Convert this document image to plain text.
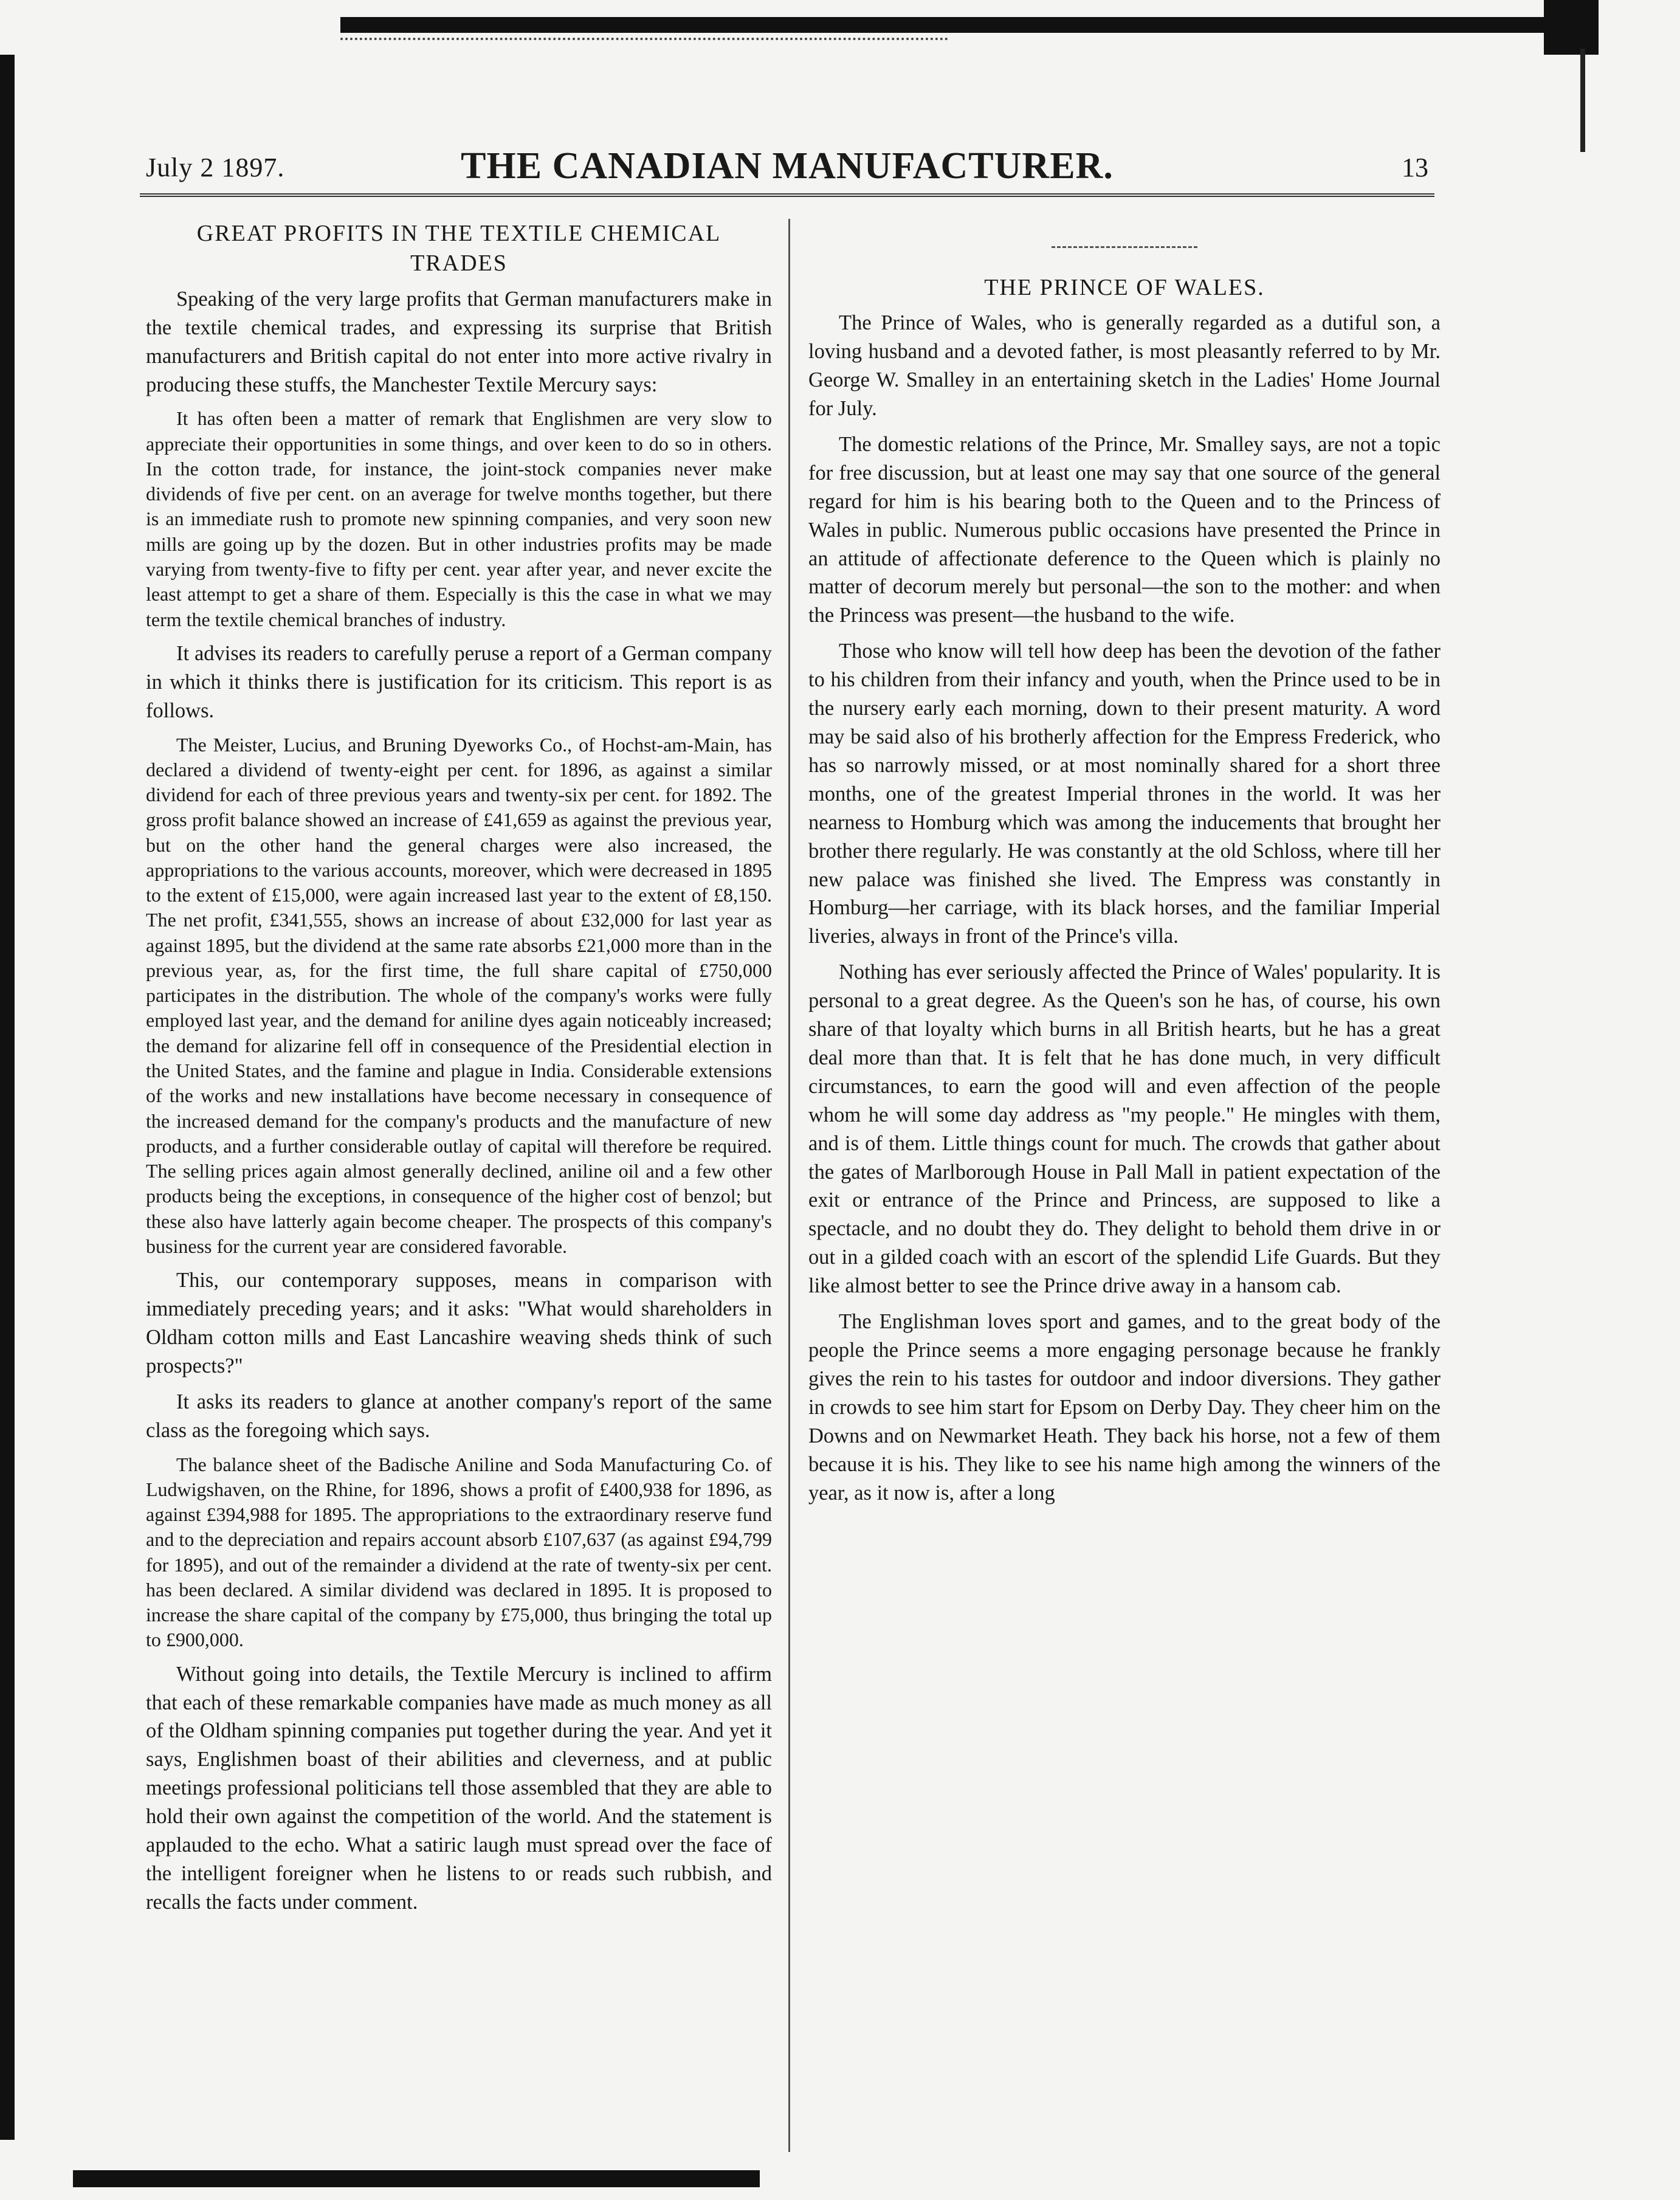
July 2 1897.	THE CANADIAN MANUFACTURER.	13
GREAT PROFITS IN THE TEXTILE CHEMICAL TRADES

Speaking of the very large profits that German manufacturers make in the textile chemical trades, and expressing its surprise that British manufacturers and British capital do not enter into more active rivalry in producing these stuffs, the Manchester Textile Mercury says:

It has often been a matter of remark that Englishmen are very slow to appreciate their opportunities in some things, and over keen to do so in others. In the cotton trade, for instance, the joint-stock companies never make dividends of five per cent. on an average for twelve months together, but there is an immediate rush to promote new spinning companies, and very soon new mills are going up by the dozen. But in other industries profits may be made varying from twenty-five to fifty per cent. year after year, and never excite the least attempt to get a share of them. Especially is this the case in what we may term the textile chemical branches of industry.

It advises its readers to carefully peruse a report of a German company in which it thinks there is justification for its criticism. This report is as follows.

The Meister, Lucius, and Bruning Dyeworks Co., of Hochst-am-Main, has declared a dividend of twenty-eight per cent. for 1896, as against a similar dividend for each of three previous years and twenty-six per cent. for 1892. The gross profit balance showed an increase of £41,659 as against the previous year, but on the other hand the general charges were also increased, the appropriations to the various accounts, moreover, which were decreased in 1895 to the extent of £15,000, were again increased last year to the extent of £8,150. The net profit, £341,555, shows an increase of about £32,000 for last year as against 1895, but the dividend at the same rate absorbs £21,000 more than in the previous year, as, for the first time, the full share capital of £750,000 participates in the distribution. The whole of the company's works were fully employed last year, and the demand for aniline dyes again noticeably increased; the demand for alizarine fell off in consequence of the Presidential election in the United States, and the famine and plague in India. Considerable extensions of the works and new installations have become necessary in consequence of the increased demand for the company's products and the manufacture of new products, and a further considerable outlay of capital will therefore be required. The selling prices again almost generally declined, aniline oil and a few other products being the exceptions, in consequence of the higher cost of benzol; but these also have latterly again become cheaper. The prospects of this company's business for the current year are considered favorable.

This, our contemporary supposes, means in comparison with immediately preceding years; and it asks: "What would shareholders in Oldham cotton mills and East Lancashire weaving sheds think of such prospects?"

It asks its readers to glance at another company's report of the same class as the foregoing which says.

The balance sheet of the Badische Aniline and Soda Manufacturing Co. of Ludwigshaven, on the Rhine, for 1896, shows a profit of £400,938 for 1896, as against £394,988 for 1895. The appropriations to the extraordinary reserve fund and to the depreciation and repairs account absorb £107,637 (as against £94,799 for 1895), and out of the remainder a dividend at the rate of twenty-six per cent. has been declared. A similar dividend was declared in 1895. It is proposed to increase the share capital of the company by £75,000, thus bringing the total up to £900,000.

Without going into details, the Textile Mercury is inclined to affirm that each of these remarkable companies have made as much money as all of the Oldham spinning companies put together during the year. And yet it says, Englishmen boast of their abilities and cleverness, and at public meetings professional politicians tell those assembled that they are able to hold their own against the competition of the world. And the statement is applauded to the echo. What a satiric laugh must spread over the face of the intelligent foreigner when he listens to or reads such rubbish, and recalls the facts under comment.

THE PRINCE OF WALES.

The Prince of Wales, who is generally regarded as a dutiful son, a loving husband and a devoted father, is most pleasantly referred to by Mr. George W. Smalley in an entertaining sketch in the Ladies' Home Journal for July.

The domestic relations of the Prince, Mr. Smalley says, are not a topic for free discussion, but at least one may say that one source of the general regard for him is his bearing both to the Queen and to the Princess of Wales in public. Numerous public occasions have presented the Prince in an attitude of affectionate deference to the Queen which is plainly no matter of decorum merely but personal—the son to the mother: and when the Princess was present—the husband to the wife.

Those who know will tell how deep has been the devotion of the father to his children from their infancy and youth, when the Prince used to be in the nursery early each morning, down to their present maturity. A word may be said also of his brotherly affection for the Empress Frederick, who has so narrowly missed, or at most nominally shared for a short three months, one of the greatest Imperial thrones in the world. It was her nearness to Homburg which was among the inducements that brought her brother there regularly. He was constantly at the old Schloss, where till her new palace was finished she lived. The Empress was constantly in Homburg—her carriage, with its black horses, and the familiar Imperial liveries, always in front of the Prince's villa.

Nothing has ever seriously affected the Prince of Wales' popularity. It is personal to a great degree. As the Queen's son he has, of course, his own share of that loyalty which burns in all British hearts, but he has a great deal more than that. It is felt that he has done much, in very difficult circumstances, to earn the good will and even affection of the people whom he will some day address as "my people." He mingles with them, and is of them. Little things count for much. The crowds that gather about the gates of Marlborough House in Pall Mall in patient expectation of the exit or entrance of the Prince and Princess, are supposed to like a spectacle, and no doubt they do. They delight to behold them drive in or out in a gilded coach with an escort of the splendid Life Guards. But they like almost better to see the Prince drive away in a hansom cab.

The Englishman loves sport and games, and to the great body of the people the Prince seems a more engaging personage because he frankly gives the rein to his tastes for outdoor and indoor diversions. They gather in crowds to see him start for Epsom on Derby Day. They cheer him on the Downs and on Newmarket Heath. They back his horse, not a few of them because it is his. They like to see his name high among the winners of the year, as it now is, after a long
